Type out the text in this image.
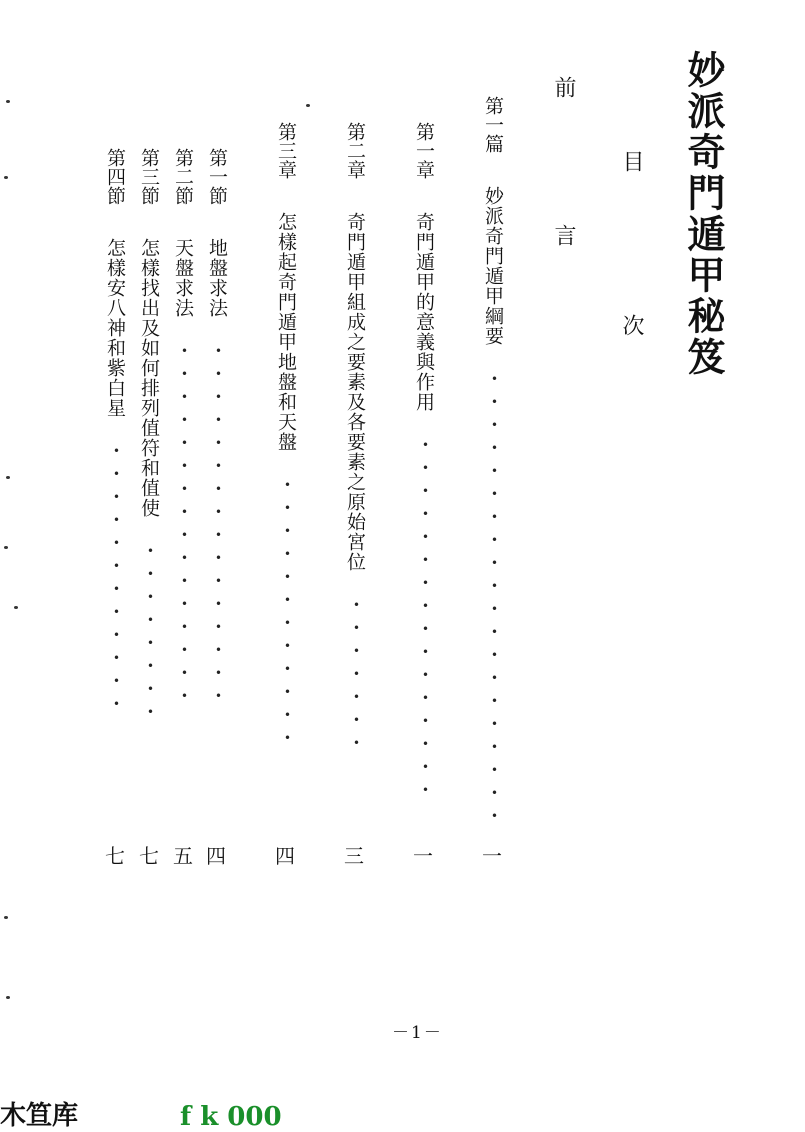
妙派奇門遁甲秘笈
目　次
前　言
第一篇 妙派奇門遁甲綱要 ・・・・・・・・・・・・・・・・・・・・
第一章 奇門遁甲的意義與作用 ・・・・・・・・・・・・・・・・
第二章 奇門遁甲組成之要素及各要素之原始宮位 ・・・・・・・
第三章 怎樣起奇門遁甲地盤和天盤 ・・・・・・・・・・・・
第一節 地盤求法 ・・・・・・・・・・・・・・・・
第二節 天盤求法 ・・・・・・・・・・・・・・・・
第三節 怎樣找出及如何排列值符和值使 ・・・・・・・・
第四節 怎樣安八神和紫白星 ・・・・・・・・・・・・
一
一
三
四
四
五
七
七
－1－
木笪库	f k 000
